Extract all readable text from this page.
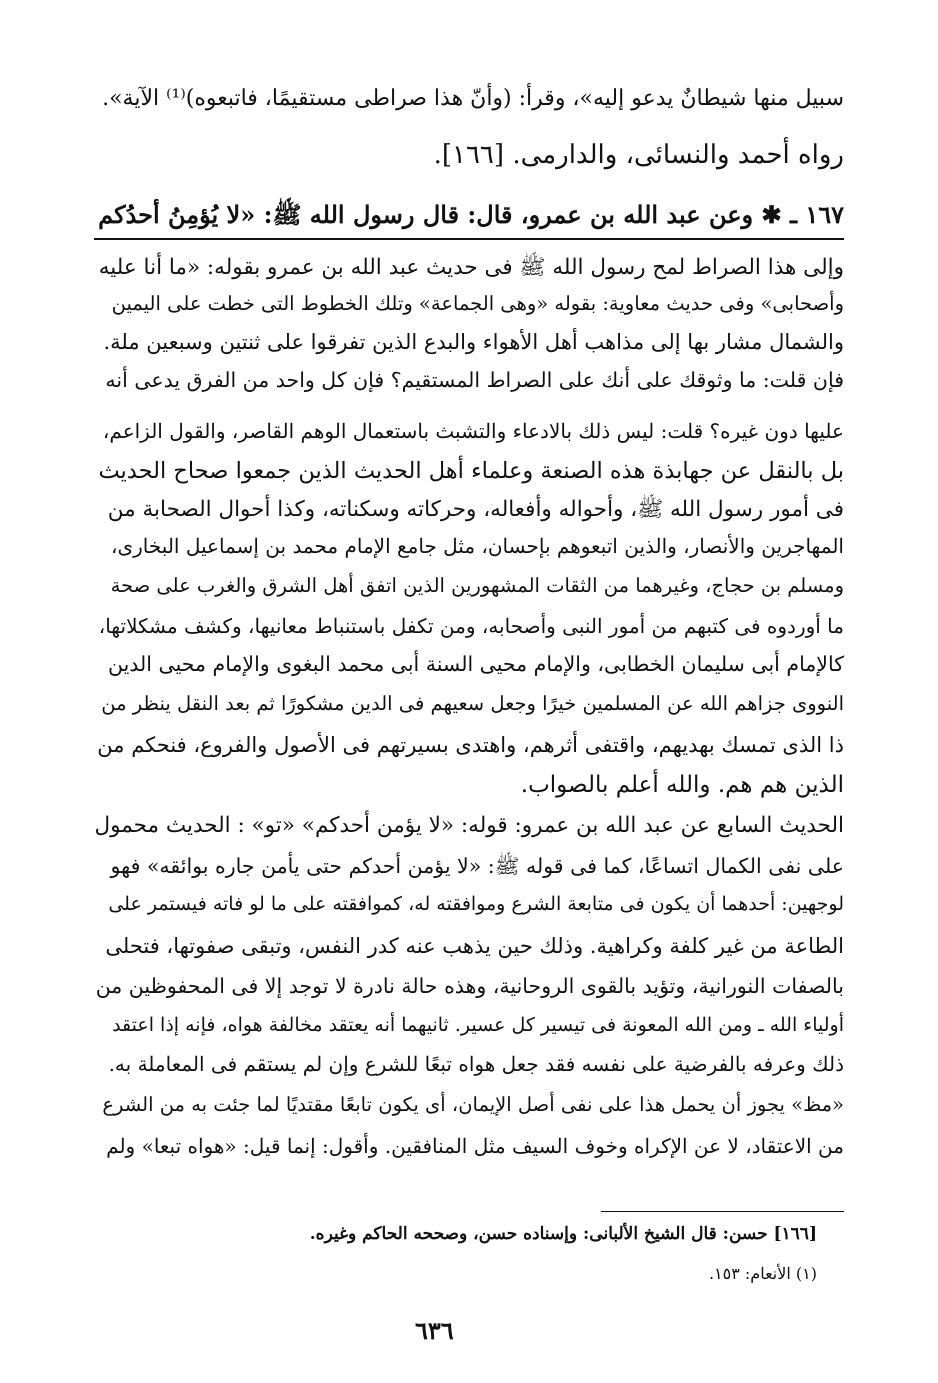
سبيل منها شيطانٌ يدعو إليه»، وقرأ: (وأنّ هذا صراطى مستقيمًا، فاتبعوه)⁽¹⁾ الآية».
رواه أحمد والنسائى، والدارمى. [١٦٦].
١٦٧ ـ ✱ وعن عبد الله بن عمرو، قال: قال رسول الله ﷺ: «لا يُؤمِنُ أحدُكم
وإلى هذا الصراط لمح رسول الله ﷺ فى حديث عبد الله بن عمرو بقوله: «ما أنا عليه
وأصحابى» وفى حديث معاوية: بقوله «وهى الجماعة» وتلك الخطوط التى خطت على اليمين
والشمال مشار بها إلى مذاهب أهل الأهواء والبدع الذين تفرقوا على ثنتين وسبعين ملة.
فإن قلت: ما وثوقك على أنك على الصراط المستقيم؟ فإن كل واحد من الفرق يدعى أنه
عليها دون غيره؟ قلت: ليس ذلك بالادعاء والتشبث باستعمال الوهم القاصر، والقول الزاعم،
بل بالنقل عن جهابذة هذه الصنعة وعلماء أهل الحديث الذين جمعوا صحاح الحديث
فى أمور رسول الله ﷺ، وأحواله وأفعاله، وحركاته وسكناته، وكذا أحوال الصحابة من
المهاجرين والأنصار، والذين اتبعوهم بإحسان، مثل جامع الإمام محمد بن إسماعيل البخارى،
ومسلم بن حجاج، وغيرهما من الثقات المشهورين الذين اتفق أهل الشرق والغرب على صحة
ما أوردوه فى كتبهم من أمور النبى وأصحابه، ومن تكفل باستنباط معانيها، وكشف مشكلاتها،
كالإمام أبى سليمان الخطابى، والإمام محيى السنة أبى محمد البغوى والإمام محيى الدين
النووى جزاهم الله عن المسلمين خيرًا وجعل سعيهم فى الدين مشكورًا ثم بعد النقل ينظر من
ذا الذى تمسك بهديهم، واقتفى أثرهم، واهتدى بسيرتهم فى الأصول والفروع، فنحكم من
الذين هم هم. والله أعلم بالصواب.
الحديث السابع عن عبد الله بن عمرو: قوله: «لا يؤمن أحدكم» «تو» : الحديث محمول
على نفى الكمال اتساعًا، كما فى قوله ﷺ: «لا يؤمن أحدكم حتى يأمن جاره بوائقه» فهو
لوجهين: أحدهما أن يكون فى متابعة الشرع وموافقته له، كموافقته على ما لو فاته فيستمر على
الطاعة من غير كلفة وكراهية. وذلك حين يذهب عنه كدر النفس، وتبقى صفوتها، فتحلى
بالصفات النورانية، وتؤيد بالقوى الروحانية، وهذه حالة نادرة لا توجد إلا فى المحفوظين من
أولياء الله ـ ومن الله المعونة فى تيسير كل عسير. ثانيهما أنه يعتقد مخالفة هواه، فإنه إذا اعتقد
ذلك وعرفه بالفرضية على نفسه فقد جعل هواه تبعًا للشرع وإن لم يستقم فى المعاملة به.
«مظ» يجوز أن يحمل هذا على نفى أصل الإيمان، أى يكون تابعًا مقتديًا لما جئت به من الشرع
من الاعتقاد، لا عن الإكراه وخوف السيف مثل المنافقين. وأقول: إنما قيل: «هواه تبعا» ولم
[١٦٦] حسن: قال الشيخ الألبانى: وإسناده حسن، وصححه الحاكم وغيره.
(١) الأنعام: ١٥٣.
٦٣٦
